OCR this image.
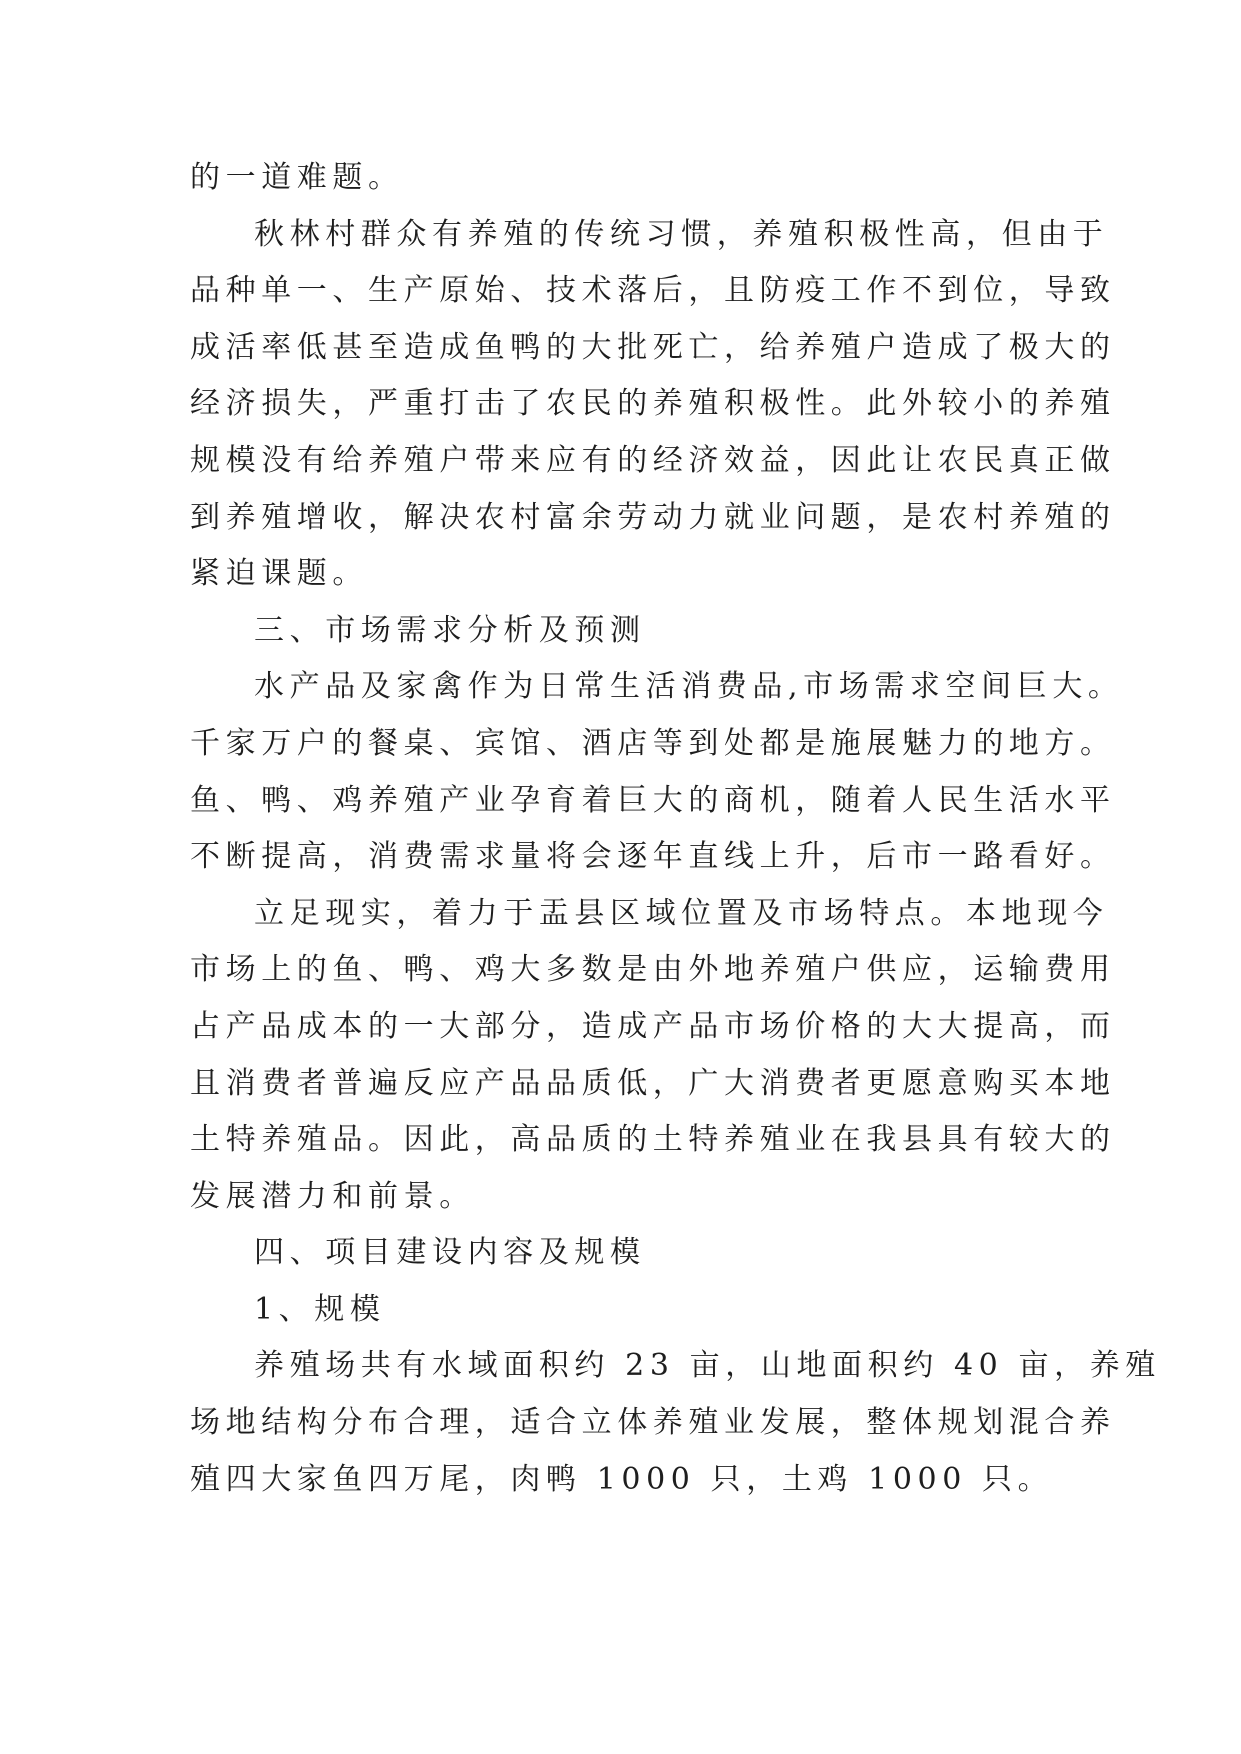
的一道难题。
秋林村群众有养殖的传统习惯，养殖积极性高，但由于
品种单一、生产原始、技术落后，且防疫工作不到位，导致
成活率低甚至造成鱼鸭的大批死亡，给养殖户造成了极大的
经济损失，严重打击了农民的养殖积极性。此外较小的养殖
规模没有给养殖户带来应有的经济效益，因此让农民真正做
到养殖增收，解决农村富余劳动力就业问题，是农村养殖的
紧迫课题。
三、市场需求分析及预测
水产品及家禽作为日常生活消费品,市场需求空间巨大。
千家万户的餐桌、宾馆、酒店等到处都是施展魅力的地方。
鱼、鸭、鸡养殖产业孕育着巨大的商机，随着人民生活水平
不断提高，消费需求量将会逐年直线上升，后市一路看好。
立足现实，着力于盂县区域位置及市场特点。本地现今
市场上的鱼、鸭、鸡大多数是由外地养殖户供应，运输费用
占产品成本的一大部分，造成产品市场价格的大大提高，而
且消费者普遍反应产品品质低，广大消费者更愿意购买本地
土特养殖品。因此，高品质的土特养殖业在我县具有较大的
发展潜力和前景。
四、项目建设内容及规模
1、规模
养殖场共有水域面积约 23 亩，山地面积约 40 亩，养殖
场地结构分布合理，适合立体养殖业发展，整体规划混合养
殖四大家鱼四万尾，肉鸭 1000 只，土鸡 1000 只。
